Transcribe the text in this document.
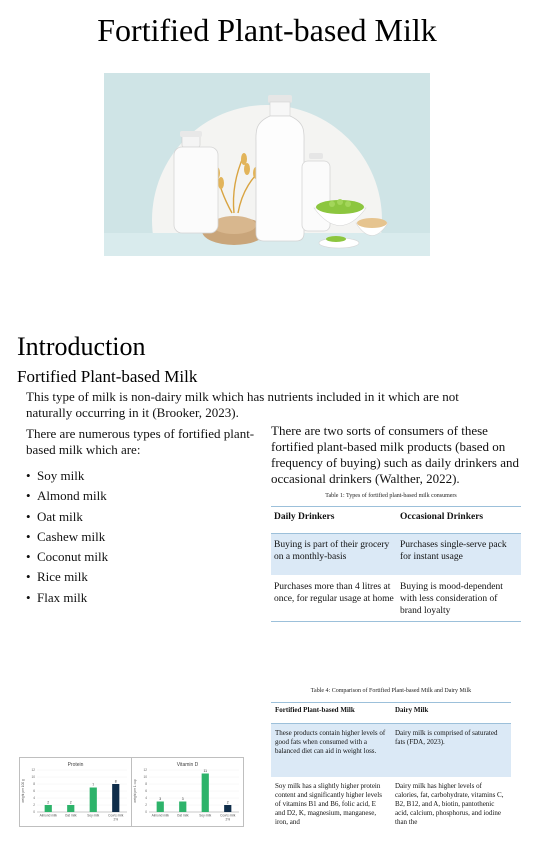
Fortified Plant-based Milk
Introduction
Fortified Plant-based Milk
This type of milk is non-dairy milk which has nutrients included in it which are not naturally occurring in it (Brooker, 2023).
There are numerous types of fortified plant-based milk which are:
• Soy milk
• Almond milk
• Oat milk
• Cashew milk
• Coconut milk
• Rice milk
• Flax milk
There are two sorts of consumers of these fortified plant-based milk products (based on frequency of buying) such as daily drinkers and occasional drinkers (Walther, 2022).
Table 1: Types of fortified plant-based milk consumers
Daily Drinkers	Occasional Drinkers
Buying is part of their grocery on a monthly-basis	Purchases single-serve pack for instant usage
Purchases more than 4 litres at once, for regular usage at home	Buying is mood-dependent with less consideration of brand loyalty
Table 4: Comparison of Fortified Plant-based Milk and Dairy Milk
Fortified Plant-based Milk	Dairy Milk
These products contain higher levels of good fats when consumed with a balanced diet can aid in weight loss.	Dairy milk is comprised of saturated fats (FDA, 2023).
Soy milk has a slightly higher protein content and significantly higher levels of vitamins B1 and B6, folic acid, E and D2, K, magnesium, manganese, iron, and	Dairy milk has higher levels of calories, fat, carbohydrate, vitamins C, B2, B12, and A, biotin, pantothenic acid, calcium, phosphorus, and iodine than the
Protein
weight per 100 g
0
2
4
6
8
10
12
2
Almond milk
2
Oat milk
7
Soy milk
8
Cow's milk
2%
Vitamin D
weight per 1 cup
0
2
4
6
8
10
12
3
Almond milk
3
Oat milk
11
Soy milk
2
Cow's milk
2%
